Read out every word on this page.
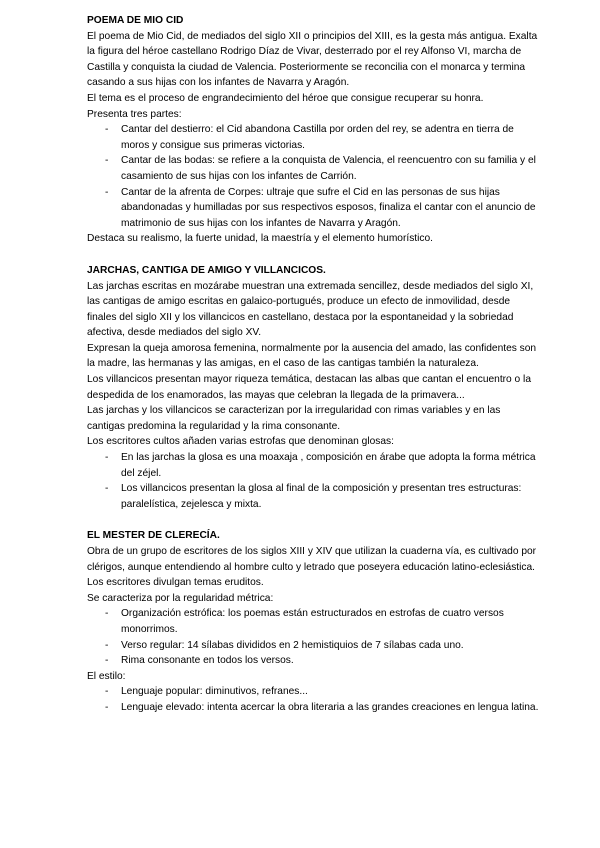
POEMA DE MIO CID

El poema de Mio Cid, de mediados del siglo XII o principios del XIII, es la gesta más antigua. Exalta la figura del héroe castellano Rodrigo Díaz de Vivar, desterrado por el rey Alfonso VI, marcha de Castilla y conquista la ciudad de Valencia. Posteriormente se reconcilia con el monarca y termina casando a sus hijas con los infantes de Navarra y Aragón.

El tema es el proceso de engrandecimiento del héroe que consigue recuperar su honra.

Presenta tres partes:

- Cantar del destierro: el Cid abandona Castilla por orden del rey, se adentra en tierra de moros y consigue sus primeras victorias.
- Cantar de las bodas: se refiere a la conquista de Valencia, el reencuentro con su familia y el casamiento de sus hijas con los infantes de Carrión.
- Cantar de la afrenta de Corpes: ultraje que sufre el Cid en las personas de sus hijas abandonadas y humilladas por sus respectivos esposos, finaliza el cantar con el anuncio de matrimonio de sus hijas con los infantes de Navarra y Aragón.

Destaca su realismo, la fuerte unidad, la maestría y el elemento humorístico.

JARCHAS, CANTIGA DE AMIGO Y VILLANCICOS.

Las jarchas escritas en mozárabe muestran una extremada sencillez, desde mediados del siglo XI, las cantigas de amigo escritas en galaico-portugués, produce un efecto de inmovilidad, desde finales del siglo XII y los villancicos en castellano, destaca por la espontaneidad y la sobriedad afectiva, desde mediados del siglo XV.

Expresan la queja amorosa femenina, normalmente por la ausencia del amado, las confidentes son la madre, las hermanas y las amigas, en el caso de las cantigas también la naturaleza.

Los villancicos presentan mayor riqueza temática, destacan las albas que cantan el encuentro o la despedida de los enamorados, las mayas que celebran la llegada de la primavera...

Las jarchas y los villancicos se caracterizan por la irregularidad con rimas variables y en las cantigas predomina la regularidad y la rima consonante.

Los escritores cultos añaden varias estrofas que denominan glosas:

- En las jarchas la glosa es una moaxaja , composición en árabe que adopta la forma métrica del zéjel.
- Los villancicos presentan la glosa al final de la composición y presentan tres estructuras: paralelística, zejelesca y mixta.

EL MESTER DE CLERECÍA.

Obra de un grupo de escritores de los siglos XIII y XIV que utilizan la cuaderna vía, es cultivado por clérigos, aunque entendiendo al hombre culto y letrado que poseyera educación latino-eclesiástica. Los escritores divulgan temas eruditos.

Se caracteriza por la regularidad métrica:

- Organización estrófica: los poemas están estructurados en estrofas de cuatro versos monorrimos.
- Verso regular: 14 sílabas divididos en 2 hemistiquios de 7 sílabas cada uno.
- Rima consonante en todos los versos.

El estilo:

- Lenguaje popular: diminutivos, refranes...
- Lenguaje elevado: intenta acercar la obra literaria a las grandes creaciones en lengua latina.
